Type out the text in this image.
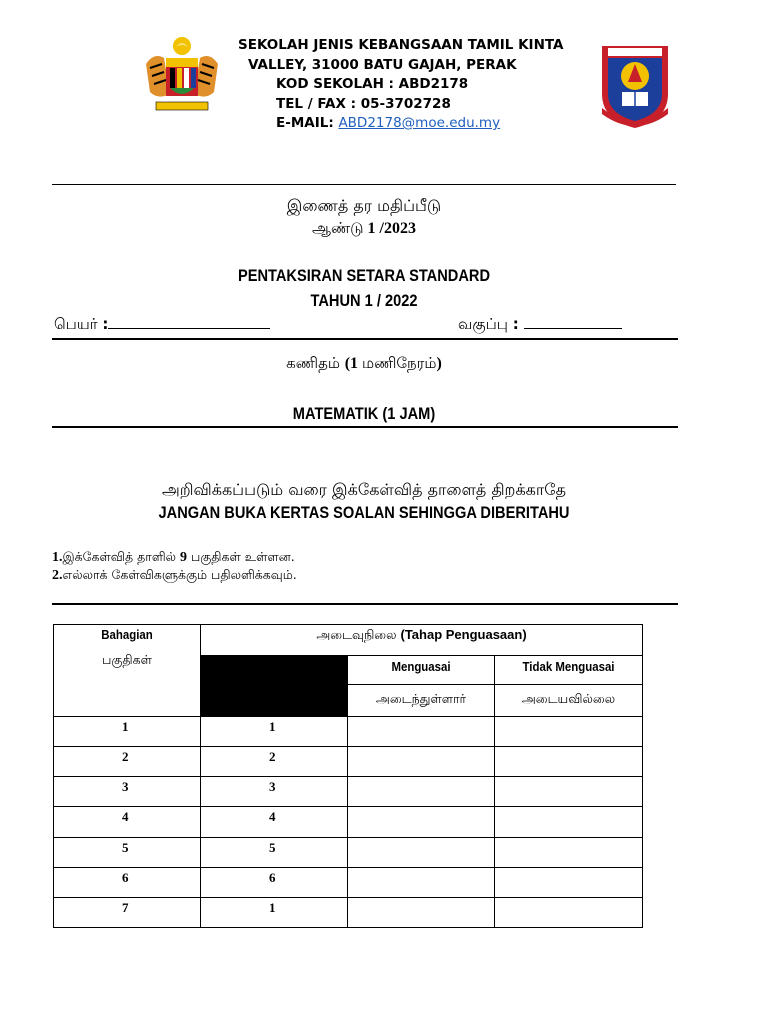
SEKOLAH JENIS KEBANGSAAN TAMIL KINTA
VALLEY, 31000 BATU GAJAH, PERAK
KOD SEKOLAH : ABD2178
TEL / FAX : 05-3702728
E-MAIL: ABD2178@moe.edu.my
இணைத் தர மதிப்பீடு
ஆண்டு 1 /2023
PENTAKSIRAN SETARA STANDARD
TAHUN 1 / 2022
பெயர் :	வகுப்பு :
கணிதம் (1 மணிநேரம்)
MATEMATIK (1 JAM)
அறிவிக்கப்படும் வரை இக்கேள்வித் தாளைத் திறக்காதே
JANGAN BUKA KERTAS SOALAN SEHINGGA DIBERITAHU
1.இக்கேள்வித் தாளில் 9 பகுதிகள் உள்ளன.
2.எல்லாக் கேள்விகளுக்கும் பதிலளிக்கவும்.
Bahagian
பகுதிகள்	அடைவுநிலை (Tahap Penguasaan)		

		Menguasai	Tidak Menguasai

		அடைந்துள்ளார்	அடையவில்லை

1	1		
2	2		
3	3		
4	4		
5	5		
6	6		
7	1		
